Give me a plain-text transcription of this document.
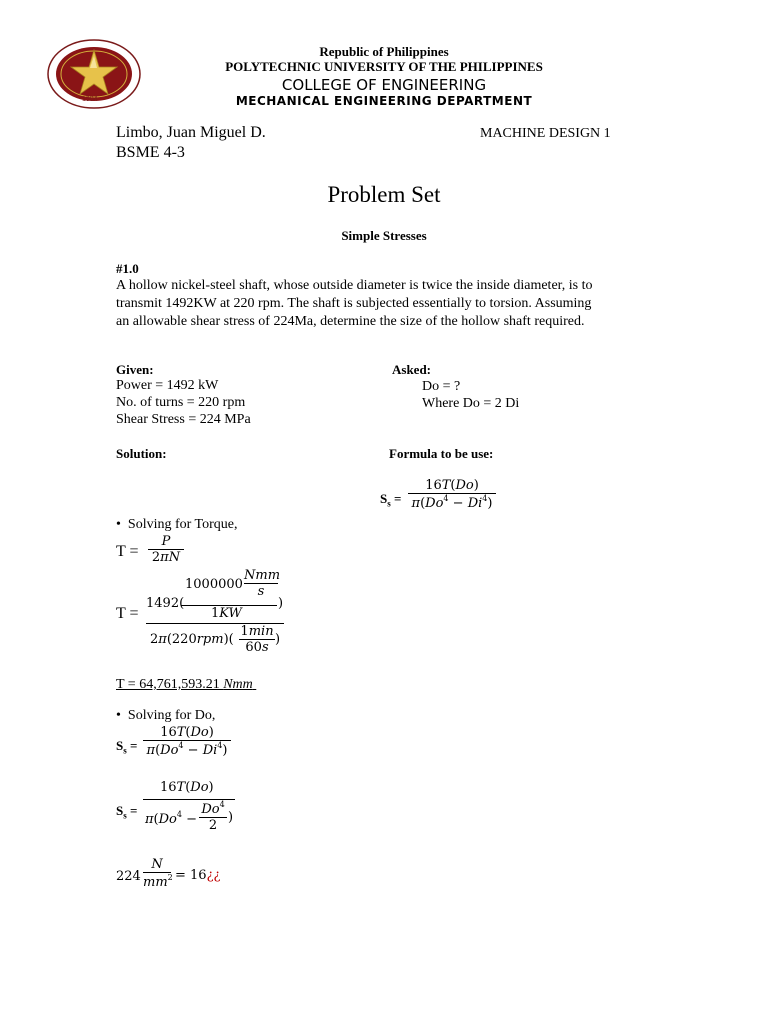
1904
Republic of Philippines
POLYTECHNIC UNIVERSITY OF THE PHILIPPINES
COLLEGE OF ENGINEERING
MECHANICAL ENGINEERING DEPARTMENT
Limbo, Juan Miguel D.
BSME 4-3
MACHINE DESIGN 1
Problem Set
Simple Stresses
#1.0
A hollow nickel-steel shaft, whose outside diameter is twice the inside diameter, is to
transmit 1492KW at 220 rpm. The shaft is subjected essentially to torsion. Assuming
an allowable shear stress of 224Ma, determine the size of the hollow shaft required.
Given:
Power = 1492 kW
No. of turns = 220 rpm
Shear Stress = 224 MPa
Asked:
Do = ?
Where Do = 2 Di
Solution:	Formula to be use:
$S_s$ =
16T(Do)
$\pi(Do^4 - Di^4)$
• Solving for Torque,
T =
P
2πN
T =
1000000
Nmm
s
1492(
1KW
)
2π(220rpm)(
1min
60s
)
T = 64,761,593.21 Nmm
• Solving for Do,
$S_s$ =
16T(Do)
$\pi(Do^4 - Di^4)$
$S_s$ =
16T(Do)
$\pi(Do^4$ −
$Do^4$
2
)
224
N
$mm^2$ = 16¿¿
